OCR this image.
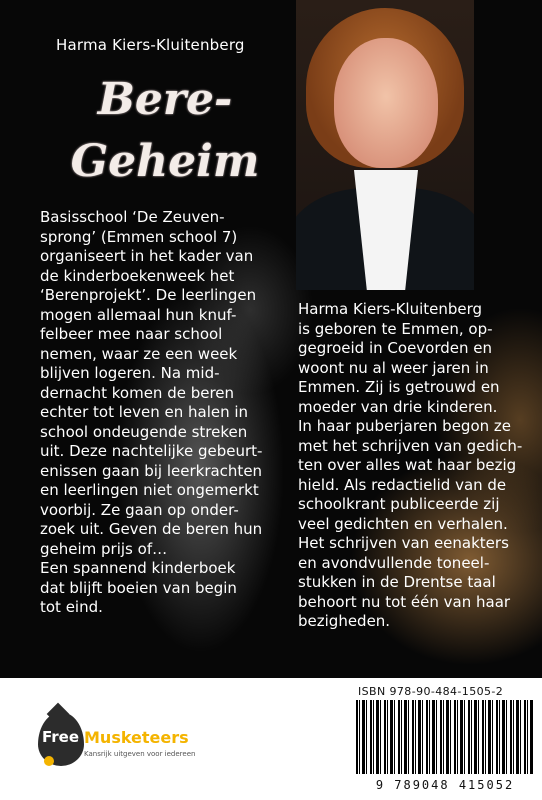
Harma Kiers-Kluitenberg
Bere-
Geheim

Basisschool ‘De Zeuven-
sprong’ (Emmen school 7)
organiseert in het kader van
de kinderboekenweek het
‘Berenprojekt’. De leerlingen
mogen allemaal hun knuf-
felbeer mee naar school
nemen, waar ze een week
blijven logeren. Na mid-
dernacht komen de beren
echter tot leven en halen in
school ondeugende streken
uit. Deze nachtelijke gebeurt-
enissen gaan bij leerkrachten
en leerlingen niet ongemerkt
voorbij. Ze gaan op onder-
zoek uit. Geven de beren hun
geheim prijs of…
Een spannend kinderboek
dat blijft boeien van begin
tot eind.

Harma Kiers-Kluitenberg
is geboren te Emmen, op-
gegroeid in Coevorden en
woont nu al weer jaren in
Emmen. Zij is getrouwd en
moeder van drie kinderen.
In haar puberjaren begon ze
met het schrijven van gedich-
ten over alles wat haar bezig
hield. Als redactielid van de
schoolkrant publiceerde zij
veel gedichten en verhalen.
Het schrijven van eenakters
en avondvullende toneel-
stukken in de Drentse taal
behoort nu tot één van haar
bezigheden.

Free Musketeers
Kansrijk uitgeven voor iedereen
ISBN 978-90-484-1505-2
9 789048 415052
